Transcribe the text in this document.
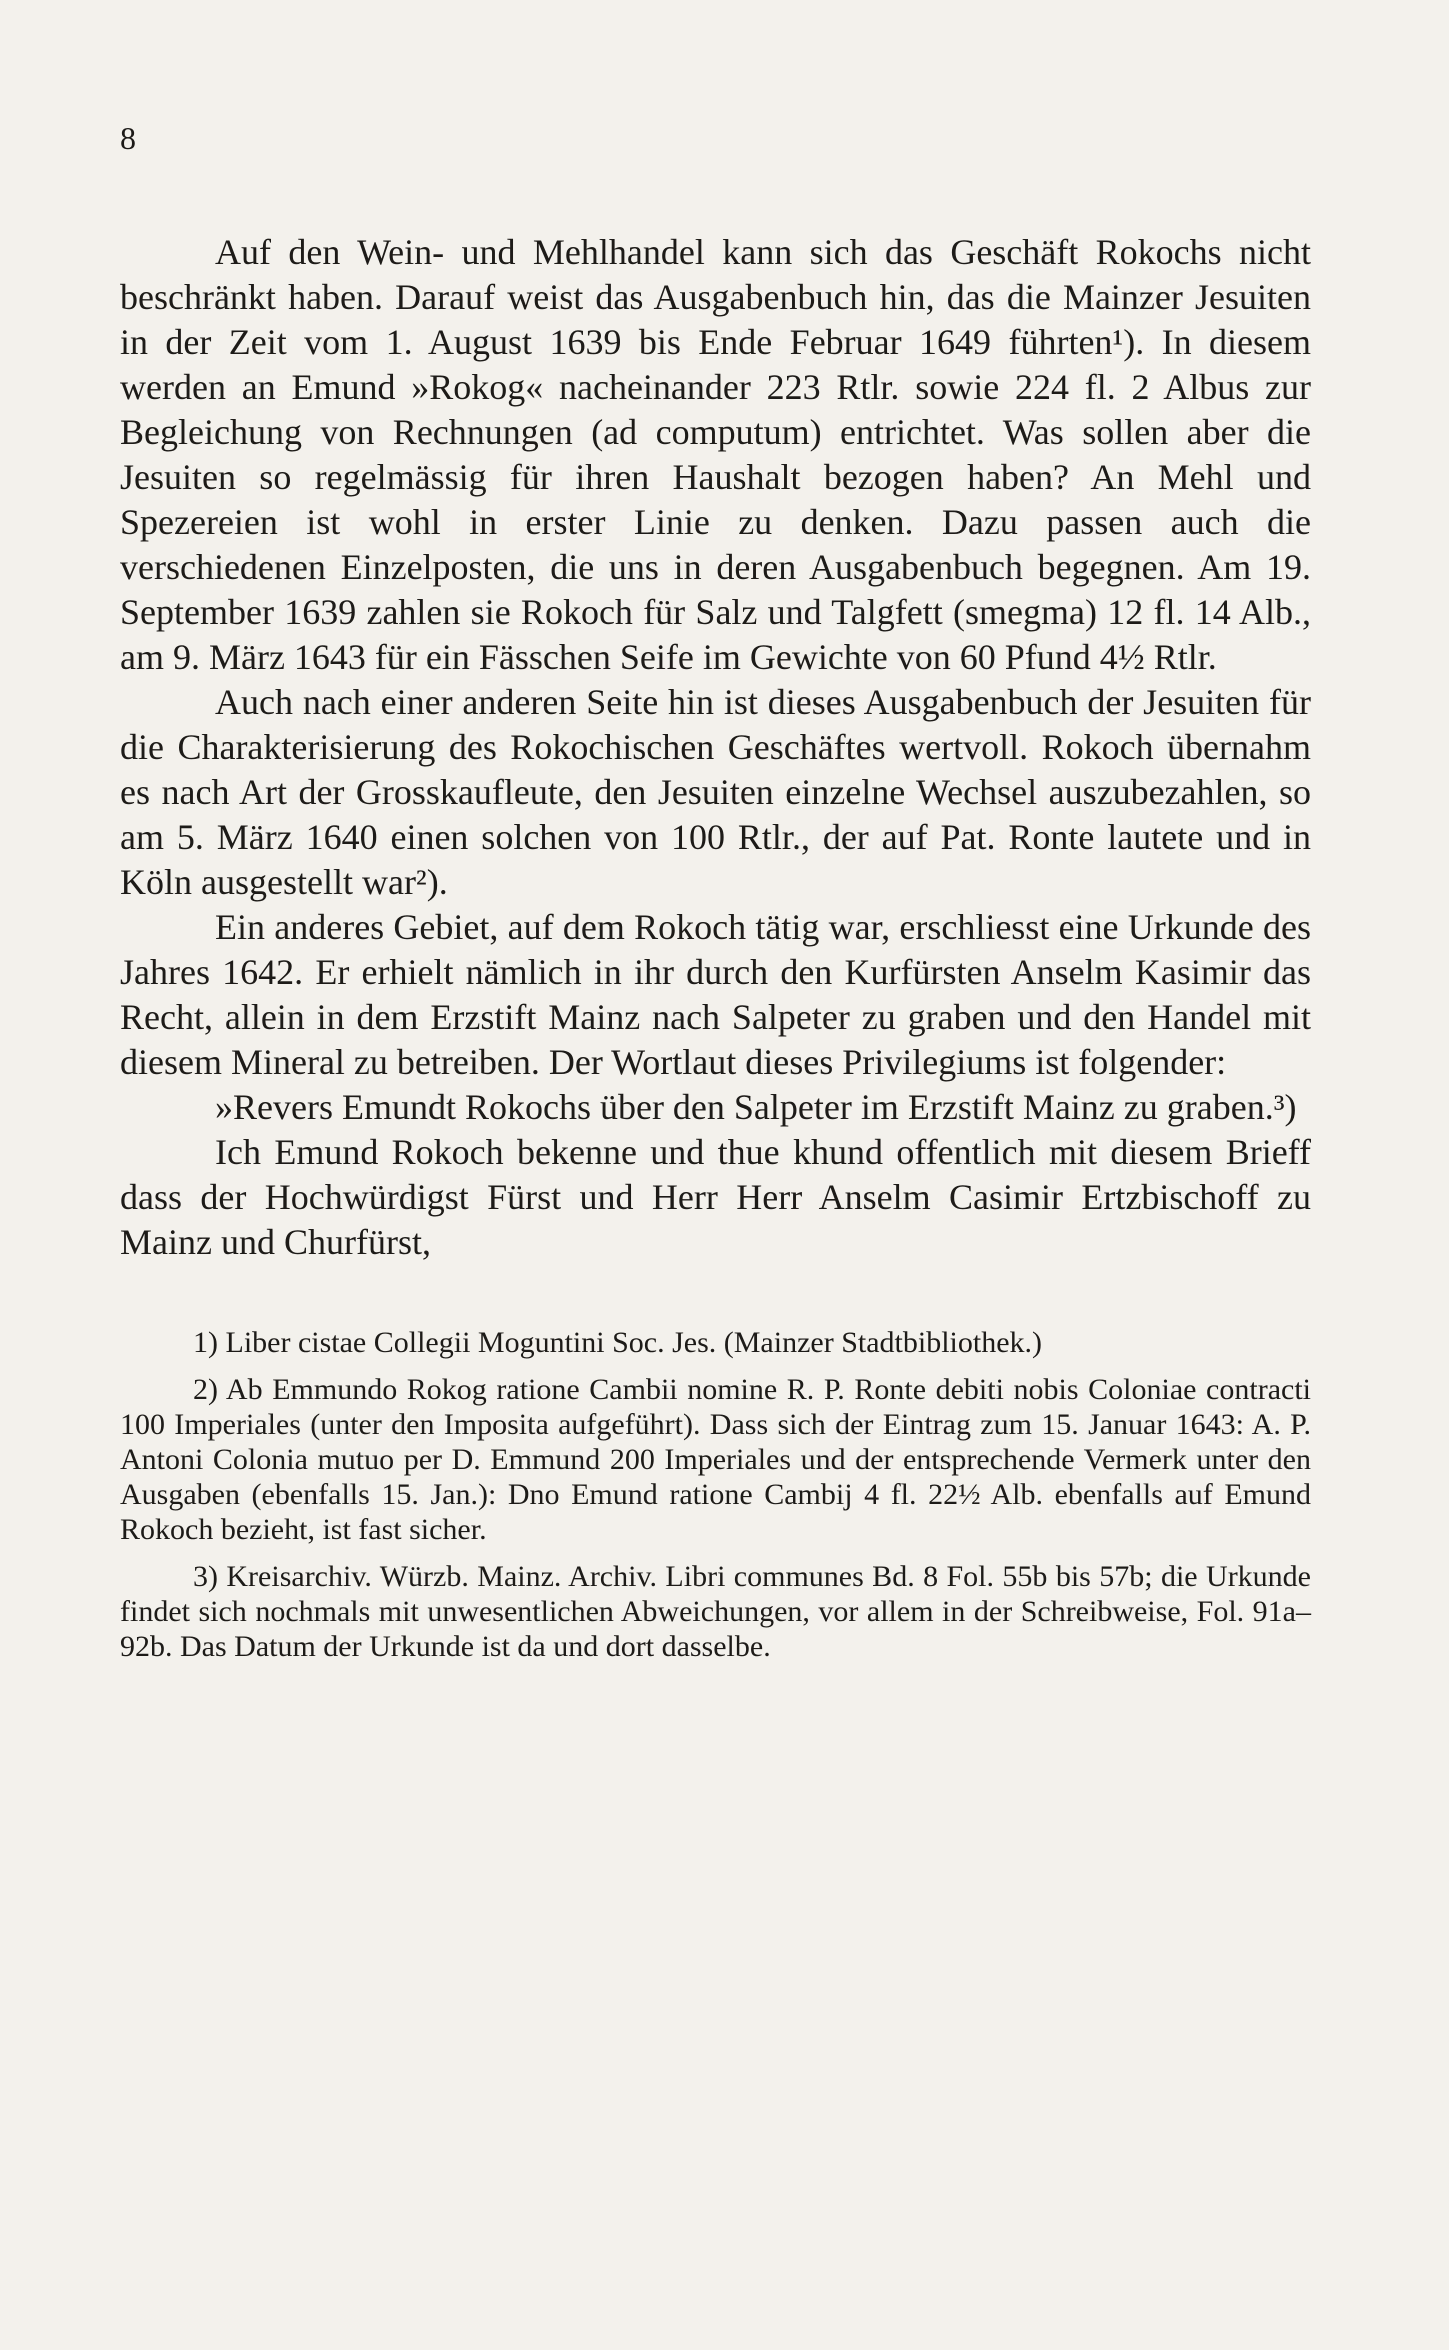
8

Auf den Wein- und Mehlhandel kann sich das Geschäft Rokochs nicht beschränkt haben. Darauf weist das Ausgabenbuch hin, das die Mainzer Jesuiten in der Zeit vom 1. August 1639 bis Ende Februar 1649 führten¹). In diesem werden an Emund »Rokog« nacheinander 223 Rtlr. sowie 224 fl. 2 Albus zur Begleichung von Rechnungen (ad computum) entrichtet. Was sollen aber die Jesuiten so regelmässig für ihren Haushalt bezogen haben? An Mehl und Spezereien ist wohl in erster Linie zu denken. Dazu passen auch die verschiedenen Einzelposten, die uns in deren Ausgabenbuch begegnen. Am 19. September 1639 zahlen sie Rokoch für Salz und Talgfett (smegma) 12 fl. 14 Alb., am 9. März 1643 für ein Fässchen Seife im Gewichte von 60 Pfund 4½ Rtlr.

Auch nach einer anderen Seite hin ist dieses Ausgabenbuch der Jesuiten für die Charakterisierung des Rokochischen Geschäftes wertvoll. Rokoch übernahm es nach Art der Grosskaufleute, den Jesuiten einzelne Wechsel auszubezahlen, so am 5. März 1640 einen solchen von 100 Rtlr., der auf Pat. Ronte lautete und in Köln ausgestellt war²).

Ein anderes Gebiet, auf dem Rokoch tätig war, erschliesst eine Urkunde des Jahres 1642. Er erhielt nämlich in ihr durch den Kurfürsten Anselm Kasimir das Recht, allein in dem Erzstift Mainz nach Salpeter zu graben und den Handel mit diesem Mineral zu betreiben. Der Wortlaut dieses Privilegiums ist folgender:

»Revers Emundt Rokochs über den Salpeter im Erzstift Mainz zu graben.³)

Ich Emund Rokoch bekenne und thue khund offentlich mit diesem Brieff dass der Hochwürdigst Fürst und Herr Herr Anselm Casimir Ertzbischoff zu Mainz und Churfürst,

1) Liber cistae Collegii Moguntini Soc. Jes. (Mainzer Stadtbibliothek.)

2) Ab Emmundo Rokog ratione Cambii nomine R. P. Ronte debiti nobis Coloniae contracti 100 Imperiales (unter den Imposita aufgeführt). Dass sich der Eintrag zum 15. Januar 1643: A. P. Antoni Colonia mutuo per D. Emmund 200 Imperiales und der entsprechende Vermerk unter den Ausgaben (ebenfalls 15. Jan.): Dno Emund ratione Cambij 4 fl. 22½ Alb. ebenfalls auf Emund Rokoch bezieht, ist fast sicher.

3) Kreisarchiv. Würzb. Mainz. Archiv. Libri communes Bd. 8 Fol. 55b bis 57b; die Urkunde findet sich nochmals mit unwesentlichen Abweichungen, vor allem in der Schreibweise, Fol. 91a–92b. Das Datum der Urkunde ist da und dort dasselbe.
